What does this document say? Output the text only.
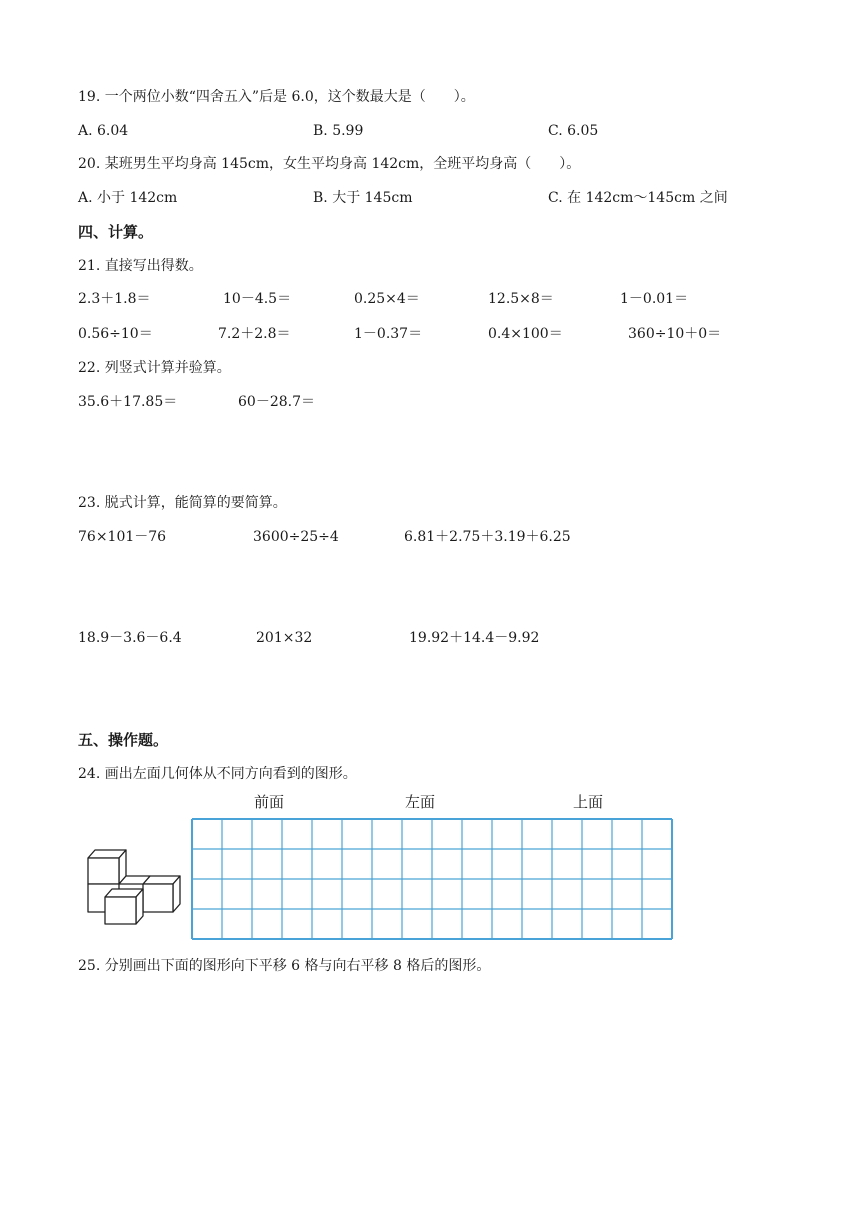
19. 一个两位小数“四舍五入”后是 6.0，这个数最大是（　　）。
A. 6.04	B. 5.99	C. 6.05
20. 某班男生平均身高 145cm，女生平均身高 142cm，全班平均身高（　　）。
A. 小于 142cm	B. 大于 145cm	C. 在 142cm～145cm 之间
四、计算。
21. 直接写出得数。
2.3＋1.8＝	10－4.5＝	0.25×4＝	12.5×8＝	1－0.01＝
0.56÷10＝	7.2＋2.8＝	1－0.37＝	0.4×100＝	360÷10＋0＝
22. 列竖式计算并验算。
35.6＋17.85＝	60－28.7＝
23. 脱式计算，能简算的要简算。
76×101－76	3600÷25÷4	6.81＋2.75＋3.19＋6.25
18.9－3.6－6.4	201×32	19.92＋14.4－9.92
五、操作题。
24. 画出左面几何体从不同方向看到的图形。
前面	左面	上面
25. 分别画出下面的图形向下平移 6 格与向右平移 8 格后的图形。
